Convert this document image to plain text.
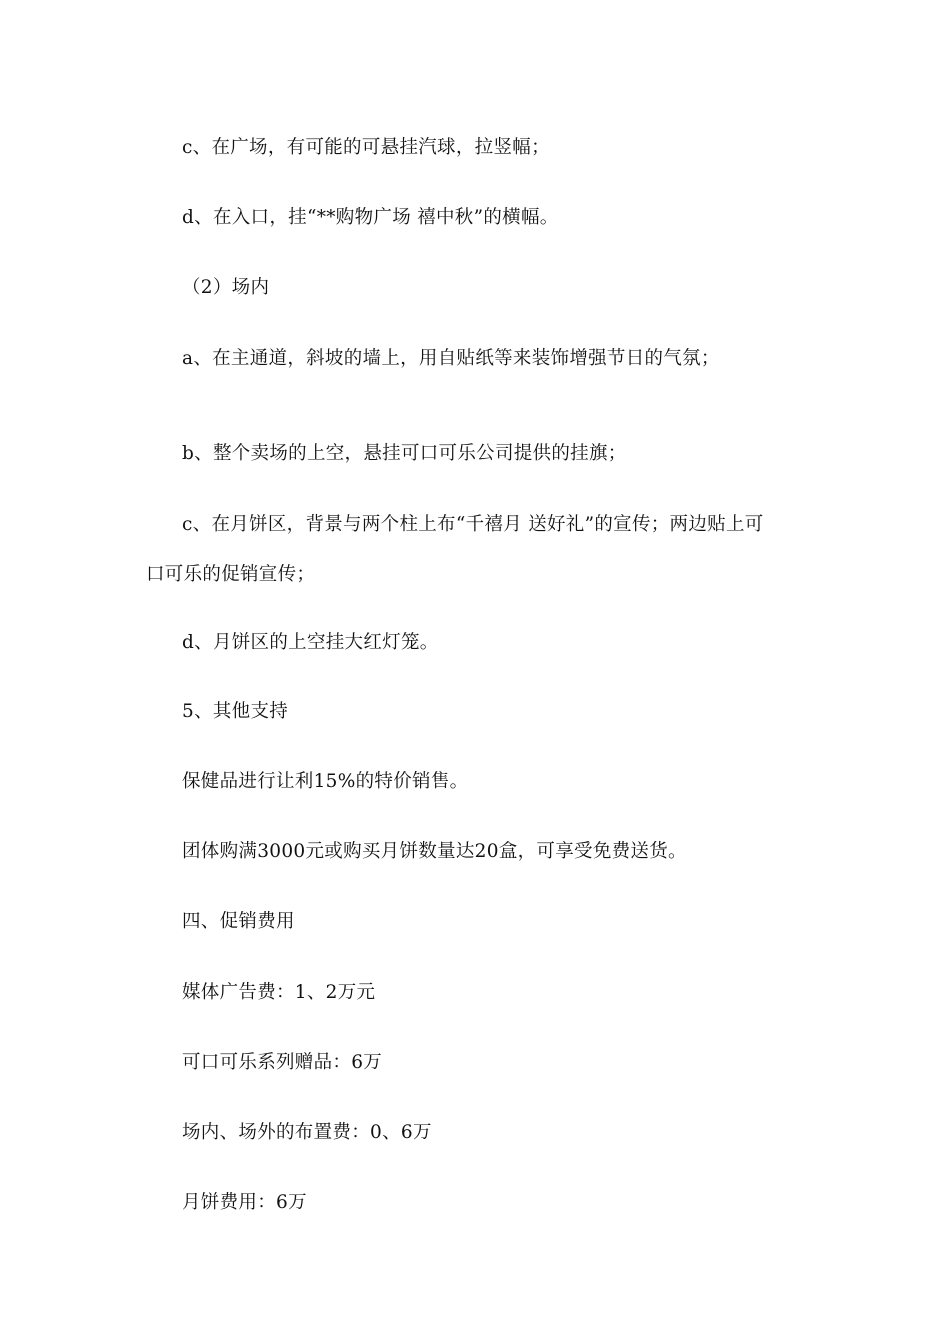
c、在广场，有可能的可悬挂汽球，拉竖幅；
d、在入口，挂“**购物广场 禧中秋”的横幅。
（2）场内
a、在主通道，斜坡的墙上，用自贴纸等来装饰增强节日的气氛；
b、整个卖场的上空，悬挂可口可乐公司提供的挂旗；
c、在月饼区，背景与两个柱上布“千禧月 送好礼”的宣传；两边贴上可
口可乐的促销宣传；
d、月饼区的上空挂大红灯笼。
5、其他支持
保健品进行让利15%的特价销售。
团体购满3000元或购买月饼数量达20盒，可享受免费送货。
四、促销费用
媒体广告费：1、2万元
可口可乐系列赠品：6万
场内、场外的布置费：0、6万
月饼费用：6万
